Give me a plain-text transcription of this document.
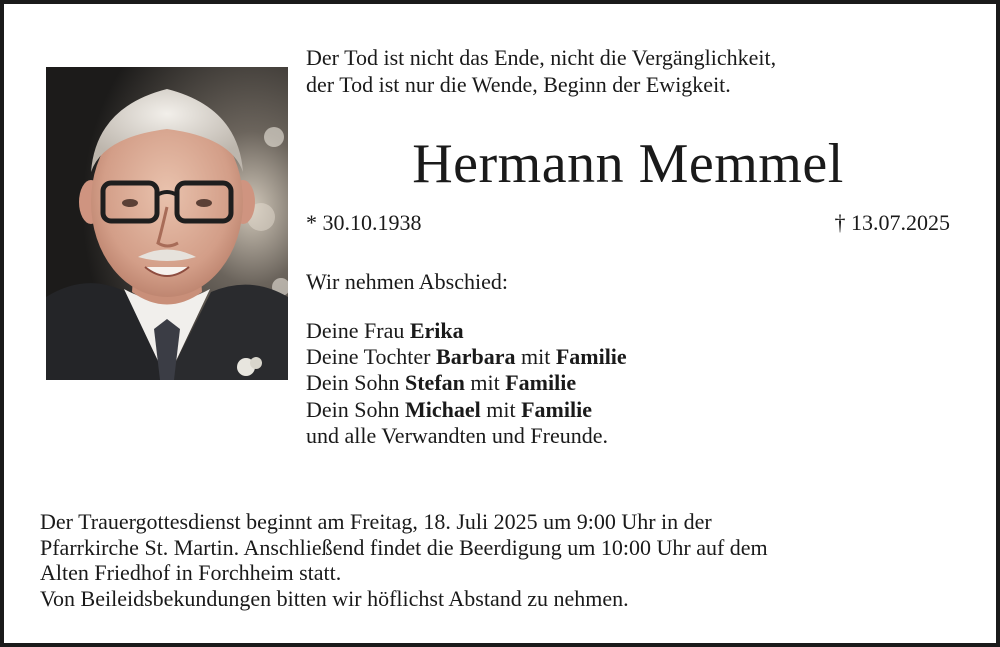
Der Tod ist nicht das Ende, nicht die Vergänglichkeit,
der Tod ist nur die Wende, Beginn der Ewigkeit.
Hermann Memmel
* 30.10.1938	† 13.07.2025
Wir nehmen Abschied:
Deine Frau Erika
Deine Tochter Barbara mit Familie
Dein Sohn Stefan mit Familie
Dein Sohn Michael mit Familie
und alle Verwandten und Freunde.
Der Trauergottesdienst beginnt am Freitag, 18. Juli 2025 um 9:00 Uhr in der
Pfarrkirche St. Martin. Anschließend findet die Beerdigung um 10:00 Uhr auf dem
Alten Friedhof in Forchheim statt.
Von Beileidsbekundungen bitten wir höflichst Abstand zu nehmen.
